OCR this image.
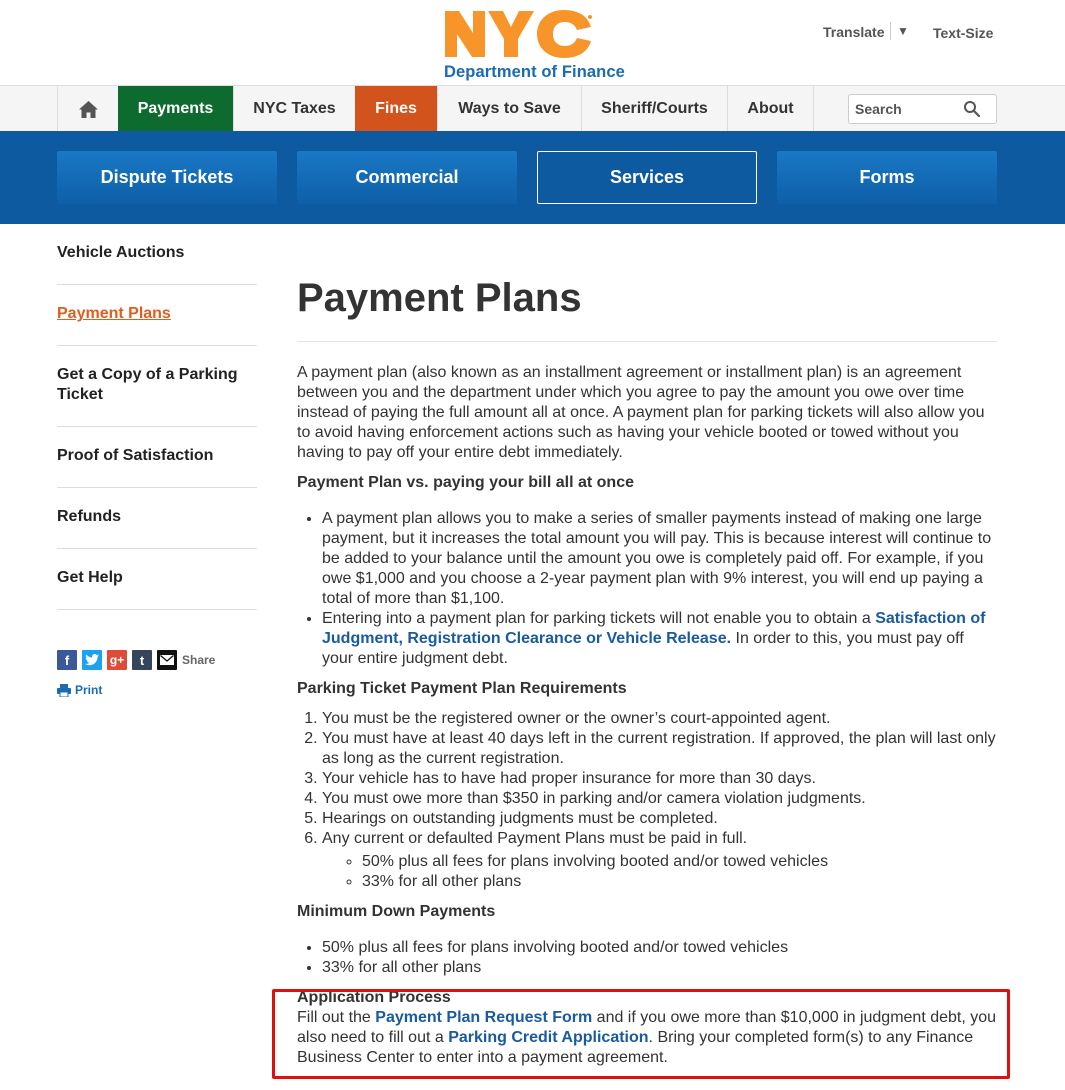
Department of Finance
Translate ▼ Text-Size
Payments	NYC Taxes	Fines	Ways to Save	Sheriff/Courts	About
Search
Dispute Tickets	Commercial	Services	Forms
Vehicle Auctions
Payment Plans
Get a Copy of a Parking Ticket
Proof of Satisfaction
Refunds
Get Help
f	g+	t	Share
Print
Payment Plans

A payment plan (also known as an installment agreement or installment plan) is an agreement between you and the department under which you agree to pay the amount you owe over time instead of paying the full amount all at once. A payment plan for parking tickets will also allow you to avoid having enforcement actions such as having your vehicle booted or towed without you having to pay off your entire debt immediately.

Payment Plan vs. paying your bill all at once
• A payment plan allows you to make a series of smaller payments instead of making one large payment, but it increases the total amount you will pay. This is because interest will continue to be added to your balance until the amount you owe is completely paid off. For example, if you owe $1,000 and you choose a 2-year payment plan with 9% interest, you will end up paying a total of more than $1,100.
• Entering into a payment plan for parking tickets will not enable you to obtain a Satisfaction of Judgment, Registration Clearance or Vehicle Release. In order to this, you must pay off your entire judgment debt.
Parking Ticket Payment Plan Requirements
1. You must be the registered owner or the owner’s court-appointed agent.
2. You must have at least 40 days left in the current registration. If approved, the plan will last only as long as the current registration.
3. Your vehicle has to have had proper insurance for more than 30 days.
4. You must owe more than $350 in parking and/or camera violation judgments.
5. Hearings on outstanding judgments must be completed.
6. Any current or defaulted Payment Plans must be paid in full.
◦ 50% plus all fees for plans involving booted and/or towed vehicles
◦ 33% for all other plans
Minimum Down Payments
• 50% plus all fees for plans involving booted and/or towed vehicles
• 33% for all other plans
Application Process

Fill out the Payment Plan Request Form and if you owe more than $10,000 in judgment debt, you also need to fill out a Parking Credit Application. Bring your completed form(s) to any Finance Business Center to enter into a payment agreement.
